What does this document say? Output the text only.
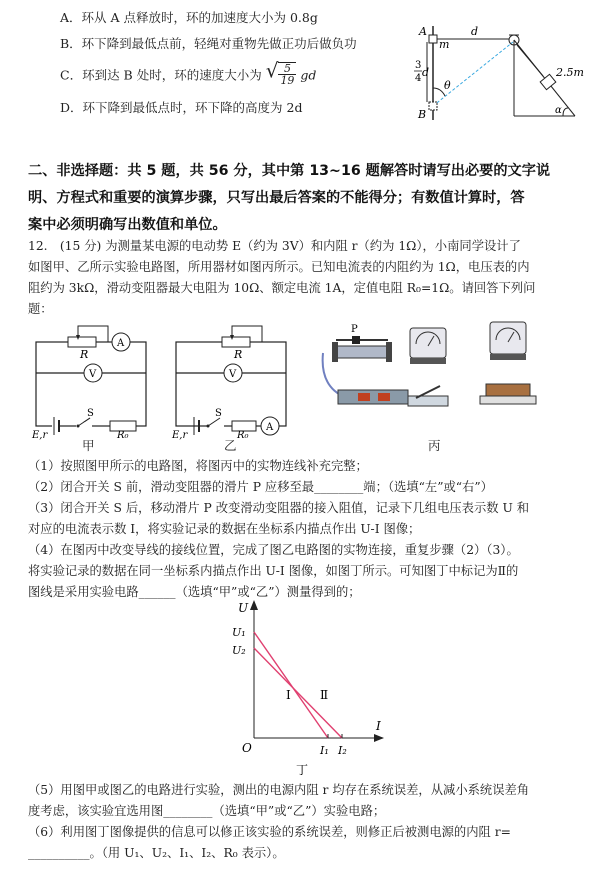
A．环从 A 点释放时，环的加速度大小为 0.8g
B．环下降到最低点前，轻绳对重物先做正功后做负功
C．环到达 B 处时，环的速度大小为 √ $\frac{5}{19}$ gd
D．环下降到最低点时，环下降的高度为 2d
A
m
d
3
4 d
θ
B
2.5m
α
二、非选择题：共 5 题，共 56 分，其中第 13~16 题解答时请写出必要的文字说
明、方程式和重要的演算步骤，只写出最后答案的不能得分；有数值计算时，答
案中必须明确写出数值和单位。
12.　(15 分) 为测量某电源的电动势 E（约为 3V）和内阻 r（约为 1Ω），小南同学设计了
如图甲、乙所示实验电路图，所用器材如图丙所示。已知电流表的内阻约为 1Ω，电压表的内
阻约为 3kΩ，滑动变阻器最大电阻为 10Ω、额定电流 1A，定值电阻 R₀=1Ω。请回答下列问
题：
R
A
V
S
R₀
E,r
R
V
A
S
R₀
E,r
P
甲	乙	丙
（1）按照图甲所示的电路图，将图丙中的实物连线补充完整；
（2）闭合开关 S 前，滑动变阻器的滑片 P 应移至最________端；（选填“左”或“右”）
（3）闭合开关 S 后，移动滑片 P 改变滑动变阻器的接入阻值，记录下几组电压表示数 U 和
对应的电流表示数 I，将实验记录的数据在坐标系内描点作出 U-I 图像；
（4）在图丙中改变导线的接线位置，完成了图乙电路图的实物连接，重复步骤（2）（3）。
将实验记录的数据在同一坐标系内描点作出 U-I 图像，如图丁所示。可知图丁中标记为Ⅱ的
图线是采用实验电路______（选填“甲”或“乙”）测量得到的；
U
I
O
U₁
U₂
I₁ I₂
Ⅰ Ⅱ
丁
（5）用图甲或图乙的电路进行实验，测出的电源内阻 r 均存在系统误差，从减小系统误差角
度考虑，该实验宜选用图________（选填“甲”或“乙”）实验电路；
（6）利用图丁图像提供的信息可以修正该实验的系统误差，则修正后被测电源的内阻 r=
__________。（用 U₁、U₂、I₁、I₂、R₀ 表示）。
